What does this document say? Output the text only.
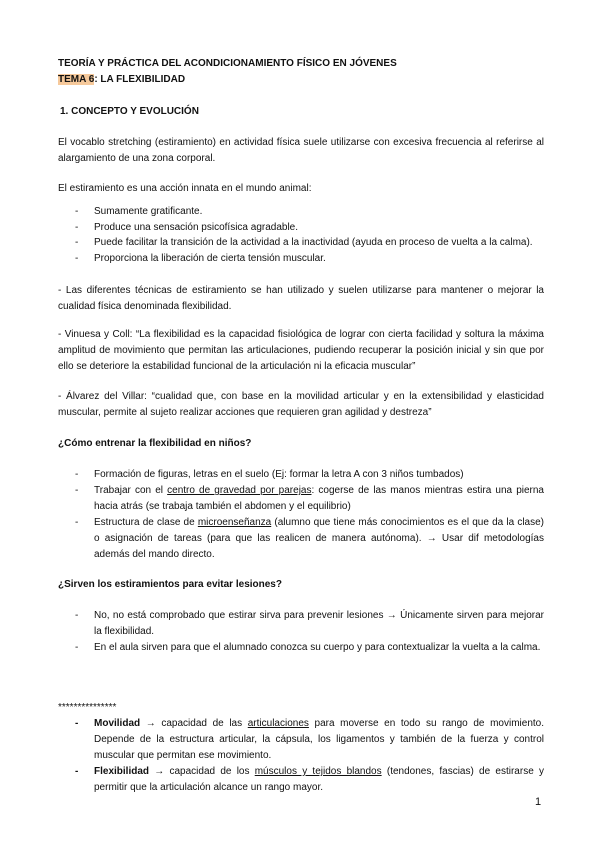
TEORÍA Y PRÁCTICA DEL ACONDICIONAMIENTO FÍSICO EN JÓVENES
TEMA 6: LA FLEXIBILIDAD
1. CONCEPTO Y EVOLUCIÓN
El vocablo stretching (estiramiento) en actividad física suele utilizarse con excesiva frecuencia al referirse al alargamiento de una zona corporal.
El estiramiento es una acción innata en el mundo animal:
- Sumamente gratificante.
- Produce una sensación psicofísica agradable.
- Puede facilitar la transición de la actividad a la inactividad (ayuda en proceso de vuelta a la calma).
- Proporciona la liberación de cierta tensión muscular.
- Las diferentes técnicas de estiramiento se han utilizado y suelen utilizarse para mantener o mejorar la cualidad física denominada flexibilidad.
- Vinuesa y Coll: “La flexibilidad es la capacidad fisiológica de lograr con cierta facilidad y soltura la máxima amplitud de movimiento que permitan las articulaciones, pudiendo recuperar la posición inicial y sin que por ello se deteriore la estabilidad funcional de la articulación ni la eficacia muscular”
- Álvarez del Villar: “cualidad que, con base en la movilidad articular y en la extensibilidad y elasticidad muscular, permite al sujeto realizar acciones que requieren gran agilidad y destreza”
¿Cómo entrenar la flexibilidad en niños?
- Formación de figuras, letras en el suelo (Ej: formar la letra A con 3 niños tumbados)
- Trabajar con el centro de gravedad por parejas: cogerse de las manos mientras estira una pierna hacia atrás (se trabaja también el abdomen y el equilibrio)
- Estructura de clase de microenseñanza (alumno que tiene más conocimientos es el que da la clase) o asignación de tareas (para que las realicen de manera autónoma). → Usar dif metodologías además del mando directo.
¿Sirven los estiramientos para evitar lesiones?
- No, no está comprobado que estirar sirva para prevenir lesiones → Únicamente sirven para mejorar la flexibilidad.
- En el aula sirven para que el alumnado conozca su cuerpo y para contextualizar la vuelta a la calma.
***************
- Movilidad → capacidad de las articulaciones para moverse en todo su rango de movimiento. Depende de la estructura articular, la cápsula, los ligamentos y también de la fuerza y control muscular que permitan ese movimiento.
- Flexibilidad → capacidad de los músculos y tejidos blandos (tendones, fascias) de estirarse y permitir que la articulación alcance un rango mayor.
1
